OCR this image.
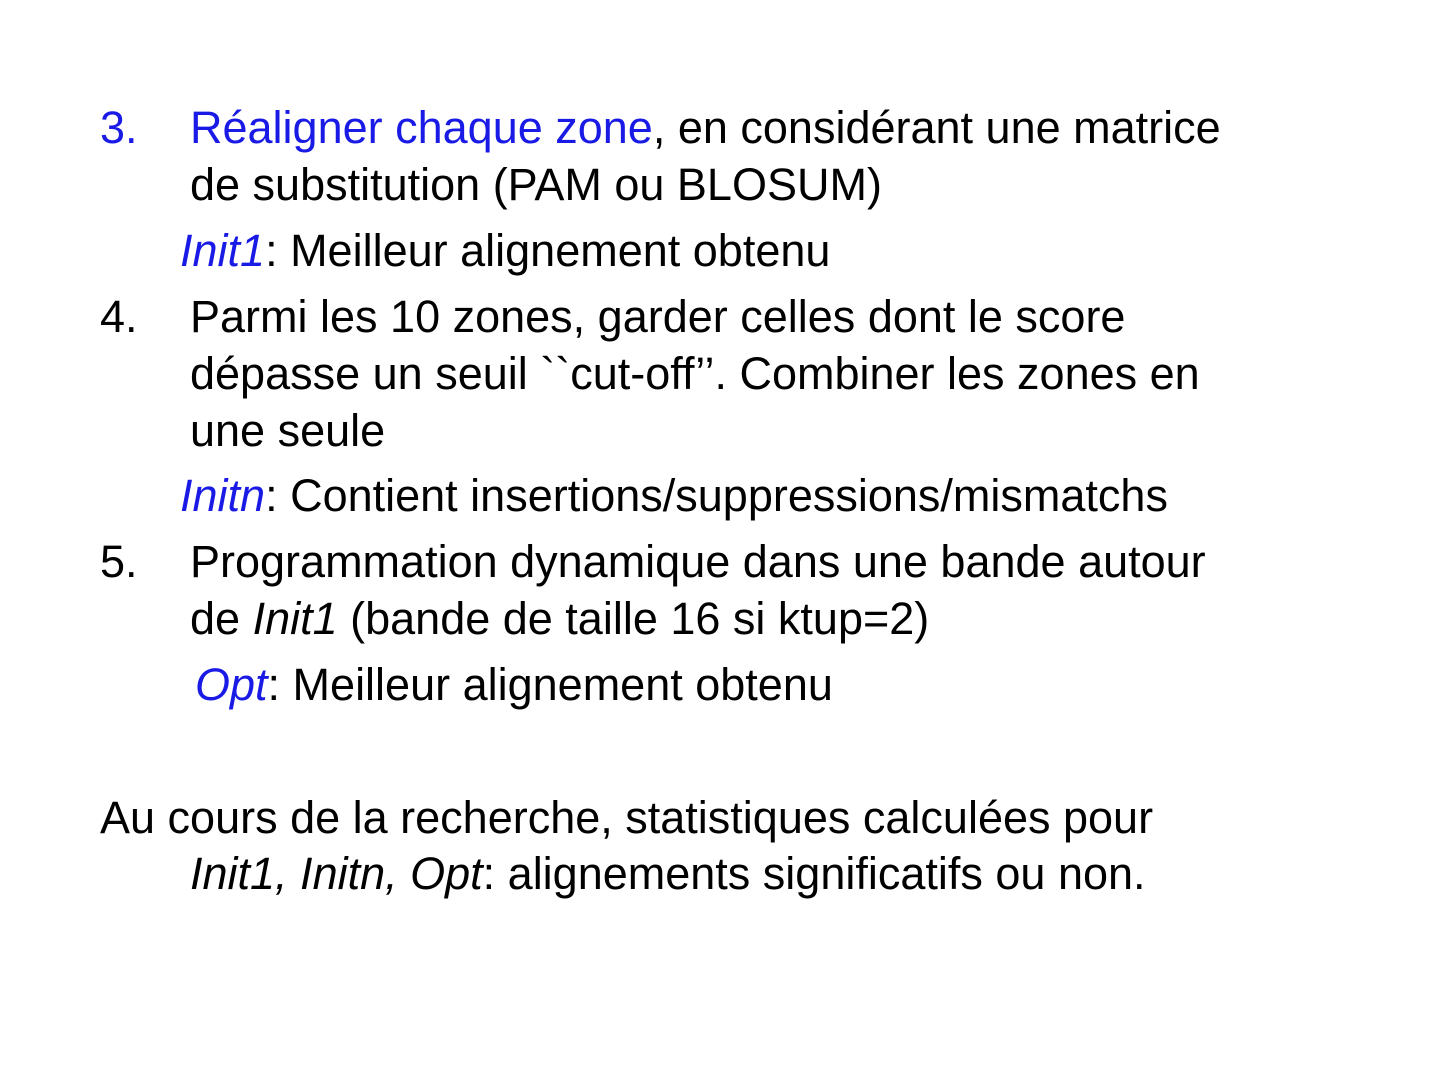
3. Réaligner chaque zone, en considérant une matrice
de substitution (PAM ou BLOSUM)
Init1: Meilleur alignement obtenu
4. Parmi les 10 zones, garder celles dont le score
dépasse un seuil ``cut-off’’. Combiner les zones en
une seule
Initn: Contient insertions/suppressions/mismatchs
5. Programmation dynamique dans une bande autour
de Init1 (bande de taille 16 si ktup=2)
Opt: Meilleur alignement obtenu
Au cours de la recherche, statistiques calculées pour
Init1, Initn, Opt: alignements significatifs ou non.
